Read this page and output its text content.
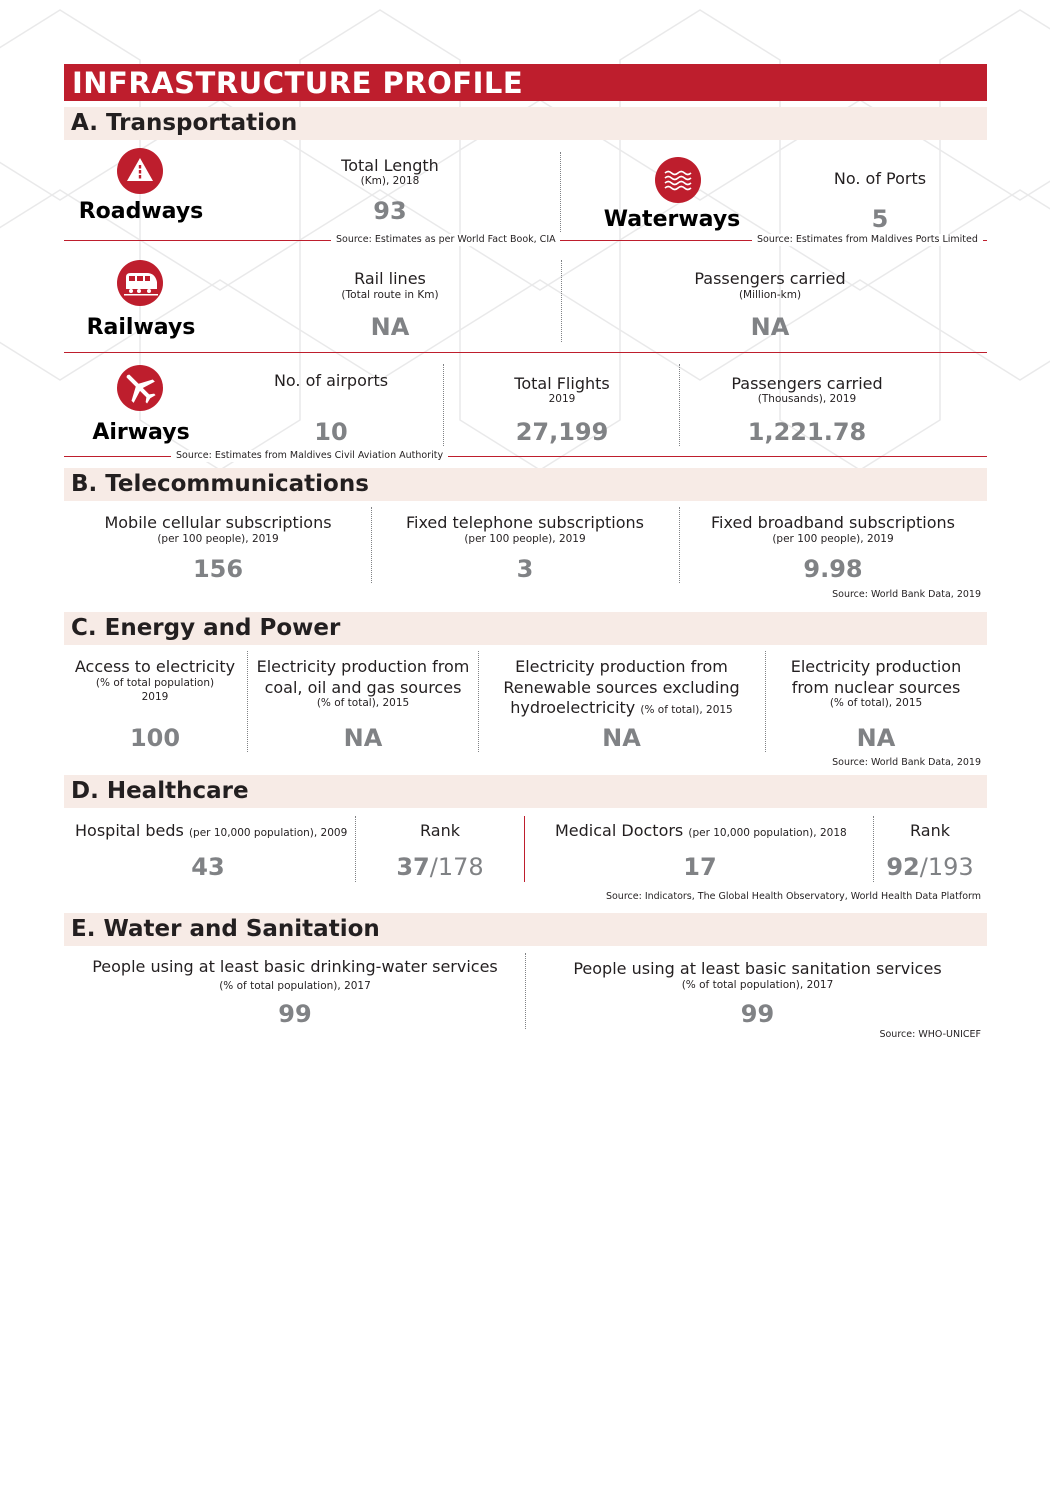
INFRASTRUCTURE PROFILE
A. Transportation
Roadways
Total Length
(Km), 2018
93
Source: Estimates as per World Fact Book, CIA
Waterways
No. of Ports
5
Source: Estimates from Maldives Ports Limited
Railways
Rail lines
(Total route in Km)
NA
Passengers carried
(Million-km)
NA
Airways
No. of airports
10
Total Flights
2019
27,199
Passengers carried
(Thousands), 2019
1,221.78
Source: Estimates from Maldives Civil Aviation Authority
B. Telecommunications
Mobile cellular subscriptions
(per 100 people), 2019
156
Fixed telephone subscriptions
(per 100 people), 2019
3
Fixed broadband subscriptions
(per 100 people), 2019
9.98
Source: World Bank Data, 2019
C. Energy and Power
Access to electricity
(% of total population)
2019
100
Electricity production from
coal, oil and gas sources
(% of total), 2015
NA
Electricity production from
Renewable sources excluding
hydroelectricity (% of total), 2015
NA
Electricity production
from nuclear sources
(% of total), 2015
NA
Source: World Bank Data, 2019
D. Healthcare
Hospital beds (per 10,000 population), 2009
43
Rank
37/178
Medical Doctors (per 10,000 population), 2018
17
Rank
92/193
Source: Indicators, The Global Health Observatory, World Health Data Platform
E. Water and Sanitation
People using at least basic drinking-water services
(% of total population), 2017
99
People using at least basic sanitation services
(% of total population), 2017
99
Source: WHO-UNICEF
